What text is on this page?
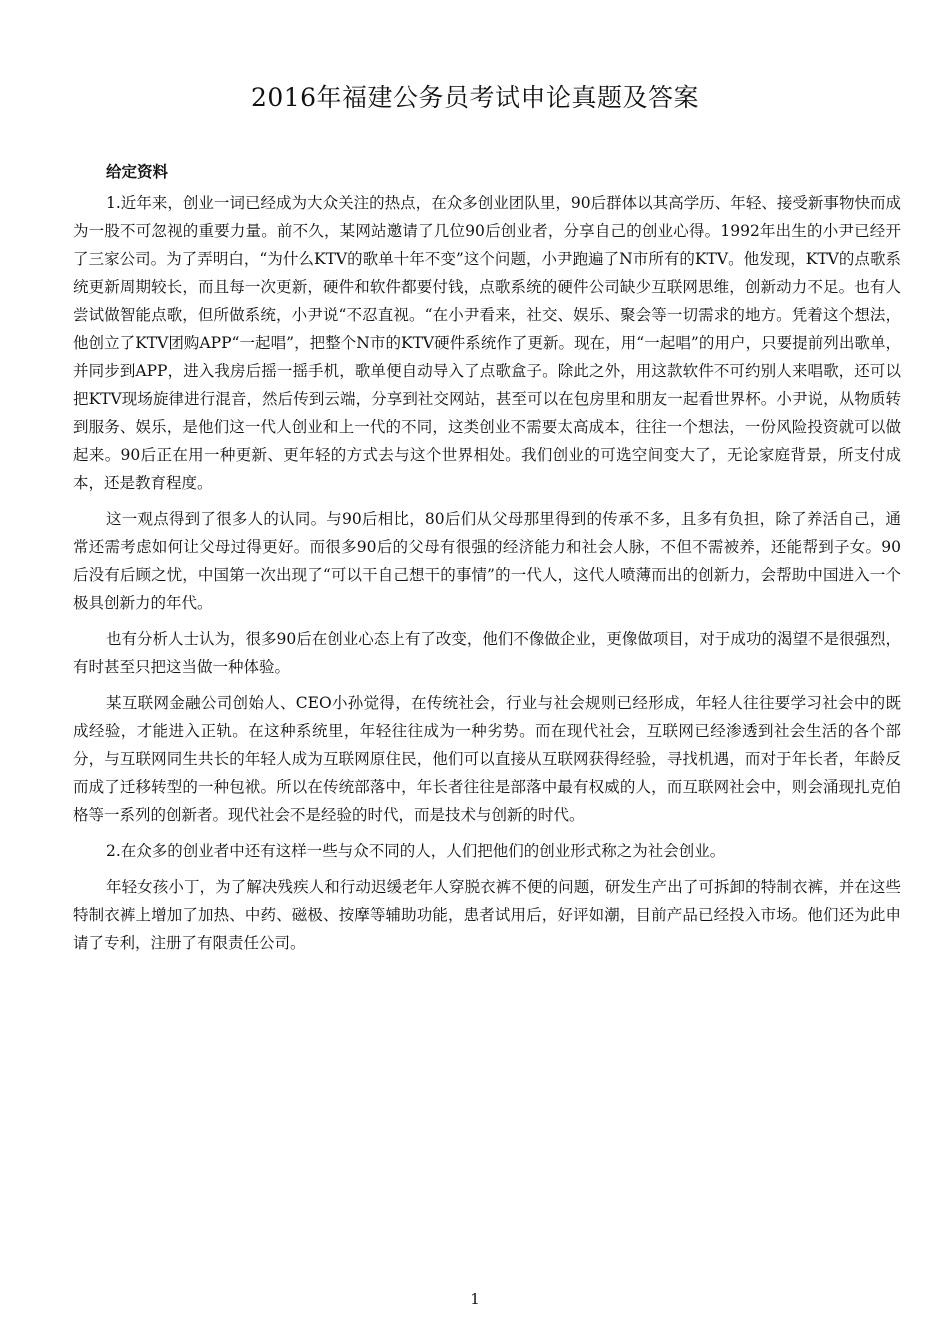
2016年福建公务员考试申论真题及答案
给定资料

1.近年来，创业一词已经成为大众关注的热点，在众多创业团队里，90后群体以其高学历、年轻、接受新事物快而成为一股不可忽视的重要力量。前不久，某网站邀请了几位90后创业者，分享自己的创业心得。1992年出生的小尹已经开了三家公司。为了弄明白，“为什么KTV的歌单十年不变”这个问题，小尹跑遍了N市所有的KTV。他发现，KTV的点歌系统更新周期较长，而且每一次更新，硬件和软件都要付钱，点歌系统的硬件公司缺少互联网思维，创新动力不足。也有人尝试做智能点歌，但所做系统，小尹说“不忍直视。“在小尹看来，社交、娱乐、聚会等一切需求的地方。凭着这个想法，他创立了KTV团购APP“一起唱”，把整个N市的KTV硬件系统作了更新。现在，用“一起唱”的用户，只要提前列出歌单，并同步到APP，进入我房后摇一摇手机，歌单便自动导入了点歌盒子。除此之外，用这款软件不可约别人来唱歌，还可以把KTV现场旋律进行混音，然后传到云端，分享到社交网站，甚至可以在包房里和朋友一起看世界杯。小尹说，从物质转到服务、娱乐，是他们这一代人创业和上一代的不同，这类创业不需要太高成本，往往一个想法，一份风险投资就可以做起来。90后正在用一种更新、更年轻的方式去与这个世界相处。我们创业的可选空间变大了，无论家庭背景，所支付成本，还是教育程度。

这一观点得到了很多人的认同。与90后相比，80后们从父母那里得到的传承不多，且多有负担，除了养活自己，通常还需考虑如何让父母过得更好。而很多90后的父母有很强的经济能力和社会人脉，不但不需被养，还能帮到子女。90后没有后顾之忧，中国第一次出现了“可以干自己想干的事情”的一代人，这代人喷薄而出的创新力，会帮助中国进入一个极具创新力的年代。

也有分析人士认为，很多90后在创业心态上有了改变，他们不像做企业，更像做项目，对于成功的渴望不是很强烈，有时甚至只把这当做一种体验。

某互联网金融公司创始人、CEO小孙觉得，在传统社会，行业与社会规则已经形成，年轻人往往要学习社会中的既成经验，才能进入正轨。在这种系统里，年轻往往成为一种劣势。而在现代社会，互联网已经渗透到社会生活的各个部分，与互联网同生共长的年轻人成为互联网原住民，他们可以直接从互联网获得经验，寻找机遇，而对于年长者，年龄反而成了迁移转型的一种包袱。所以在传统部落中，年长者往往是部落中最有权威的人，而互联网社会中，则会涌现扎克伯格等一系列的创新者。现代社会不是经验的时代，而是技术与创新的时代。

2.在众多的创业者中还有这样一些与众不同的人，人们把他们的创业形式称之为社会创业。

年轻女孩小丁，为了解决残疾人和行动迟缓老年人穿脱衣裤不便的问题，研发生产出了可拆卸的特制衣裤，并在这些特制衣裤上增加了加热、中药、磁极、按摩等辅助功能，患者试用后，好评如潮，目前产品已经投入市场。他们还为此申请了专利，注册了有限责任公司。

1
